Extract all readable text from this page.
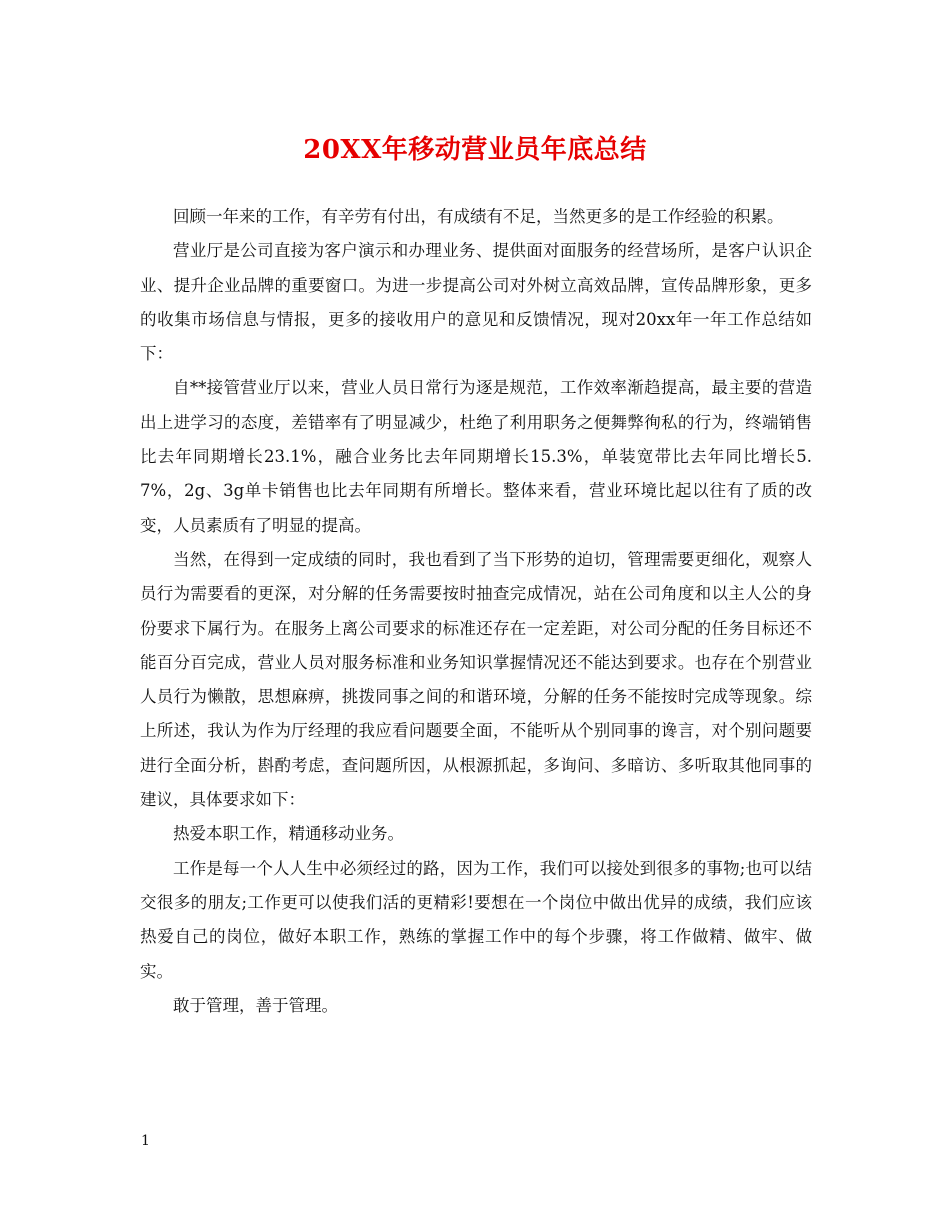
20XX年移动营业员年底总结

回顾一年来的工作，有辛劳有付出，有成绩有不足，当然更多的是工作经验的积累。

营业厅是公司直接为客户演示和办理业务、提供面对面服务的经营场所，是客户认识企业、提升企业品牌的重要窗口。为进一步提高公司对外树立高效品牌，宣传品牌形象，更多的收集市场信息与情报，更多的接收用户的意见和反馈情况，现对20xx年一年工作总结如下：

自**接管营业厅以来，营业人员日常行为逐是规范，工作效率渐趋提高，最主要的营造出上进学习的态度，差错率有了明显减少，杜绝了利用职务之便舞弊徇私的行为，终端销售比去年同期增长23.1%，融合业务比去年同期增长15.3%，单装宽带比去年同比增长5.7%，2g、3g单卡销售也比去年同期有所增长。整体来看，营业环境比起以往有了质的改变，人员素质有了明显的提高。

当然，在得到一定成绩的同时，我也看到了当下形势的迫切，管理需要更细化，观察人员行为需要看的更深，对分解的任务需要按时抽查完成情况，站在公司角度和以主人公的身份要求下属行为。在服务上离公司要求的标准还存在一定差距，对公司分配的任务目标还不能百分百完成，营业人员对服务标准和业务知识掌握情况还不能达到要求。也存在个别营业人员行为懒散，思想麻痹，挑拨同事之间的和谐环境，分解的任务不能按时完成等现象。综上所述，我认为作为厅经理的我应看问题要全面，不能听从个别同事的谗言，对个别问题要进行全面分析，斟酌考虑，查问题所因，从根源抓起，多询问、多暗访、多听取其他同事的建议，具体要求如下：

热爱本职工作，精通移动业务。

工作是每一个人人生中必须经过的路，因为工作，我们可以接处到很多的事物;也可以结交很多的朋友;工作更可以使我们活的更精彩!要想在一个岗位中做出优异的成绩，我们应该热爱自己的岗位，做好本职工作，熟练的掌握工作中的每个步骤，将工作做精、做牢、做实。

敢于管理，善于管理。

1
